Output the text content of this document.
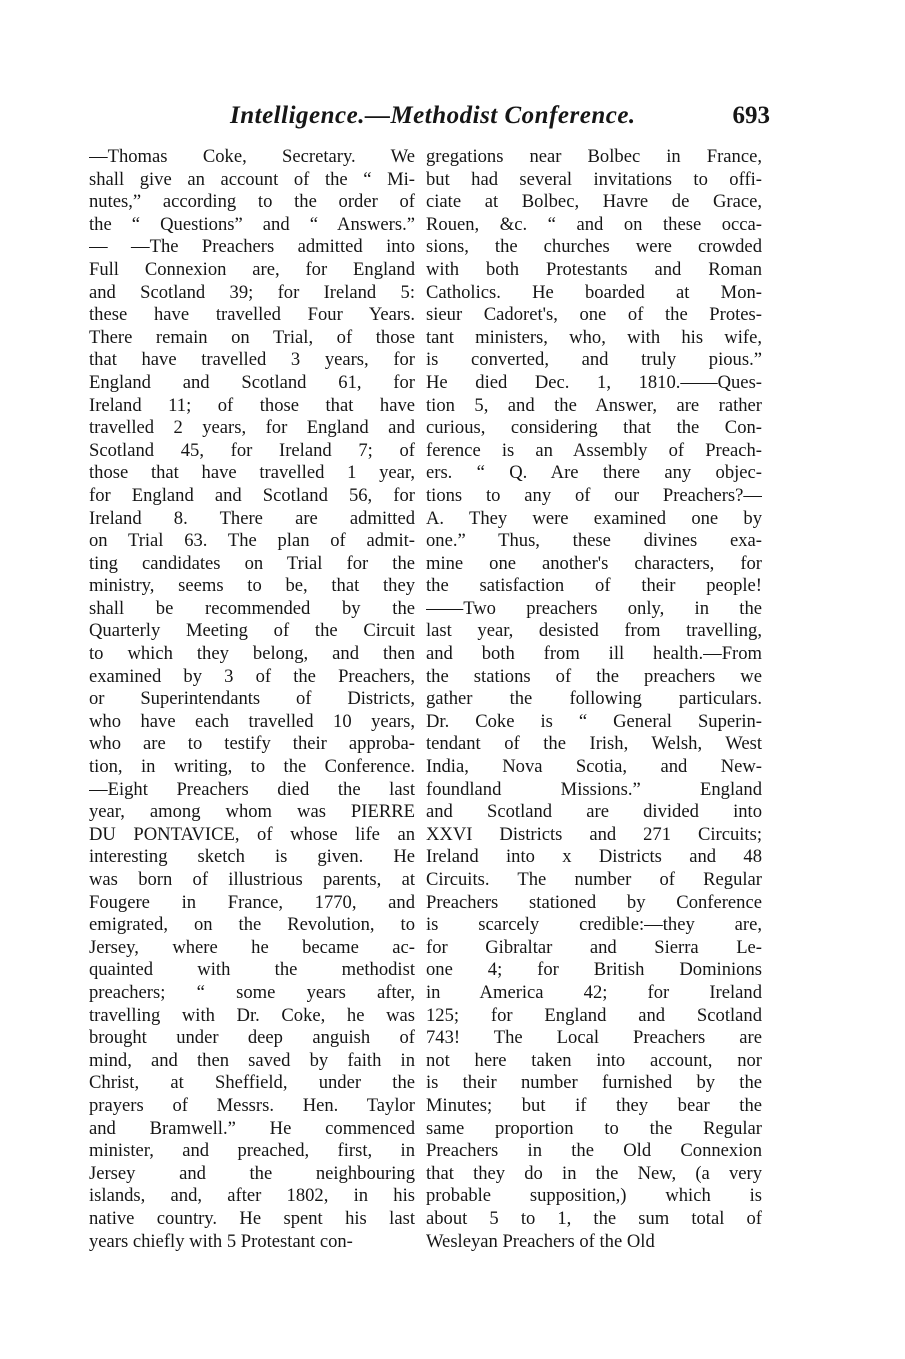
Intelligence.—Methodist Conference.	693
—Thomas Coke, Secretary. We
shall give an account of the “ Mi-
nutes,” according to the order of
the “ Questions” and “ Answers.”
— —The Preachers admitted into
Full Connexion are, for England
and Scotland 39; for Ireland 5:
these have travelled Four Years.
There remain on Trial, of those
that have travelled 3 years, for
England and Scotland 61, for
Ireland 11; of those that have
travelled 2 years, for England and
Scotland 45, for Ireland 7; of
those that have travelled 1 year,
for England and Scotland 56, for
Ireland 8. There are admitted
on Trial 63. The plan of admit-
ting candidates on Trial for the
ministry, seems to be, that they
shall be recommended by the
Quarterly Meeting of the Circuit
to which they belong, and then
examined by 3 of the Preachers,
or Superintendants of Districts,
who have each travelled 10 years,
who are to testify their approba-
tion, in writing, to the Conference.
—Eight Preachers died the last
year, among whom was PIERRE
DU PONTAVICE, of whose life an
interesting sketch is given. He
was born of illustrious parents, at
Fougere in France, 1770, and
emigrated, on the Revolution, to
Jersey, where he became ac-
quainted with the methodist
preachers; “ some years after,
travelling with Dr. Coke, he was
brought under deep anguish of
mind, and then saved by faith in
Christ, at Sheffield, under the
prayers of Messrs. Hen. Taylor
and Bramwell.” He commenced
minister, and preached, first, in
Jersey and the neighbouring
islands, and, after 1802, in his
native country. He spent his last
years chiefly with 5 Protestant con-
gregations near Bolbec in France,
but had several invitations to offi-
ciate at Bolbec, Havre de Grace,
Rouen, &c. “ and on these occa-
sions, the churches were crowded
with both Protestants and Roman
Catholics. He boarded at Mon-
sieur Cadoret's, one of the Protes-
tant ministers, who, with his wife,
is converted, and truly pious.”
He died Dec. 1, 1810.——Ques-
tion 5, and the Answer, are rather
curious, considering that the Con-
ference is an Assembly of Preach-
ers. “ Q. Are there any objec-
tions to any of our Preachers?—
A. They were examined one by
one.” Thus, these divines exa-
mine one another's characters, for
the satisfaction of their people!
——Two preachers only, in the
last year, desisted from travelling,
and both from ill health.—From
the stations of the preachers we
gather the following particulars.
Dr. Coke is “ General Superin-
tendant of the Irish, Welsh, West
India, Nova Scotia, and New-
foundland Missions.” England
and Scotland are divided into
XXVI Districts and 271 Circuits;
Ireland into x Districts and 48
Circuits. The number of Regular
Preachers stationed by Conference
is scarcely credible:—they are,
for Gibraltar and Sierra Le-
one 4; for British Dominions
in America 42; for Ireland
125; for England and Scotland
743! The Local Preachers are
not here taken into account, nor
is their number furnished by the
Minutes; but if they bear the
same proportion to the Regular
Preachers in the Old Connexion
that they do in the New, (a very
probable supposition,) which is
about 5 to 1, the sum total of
Wesleyan Preachers of the Old
